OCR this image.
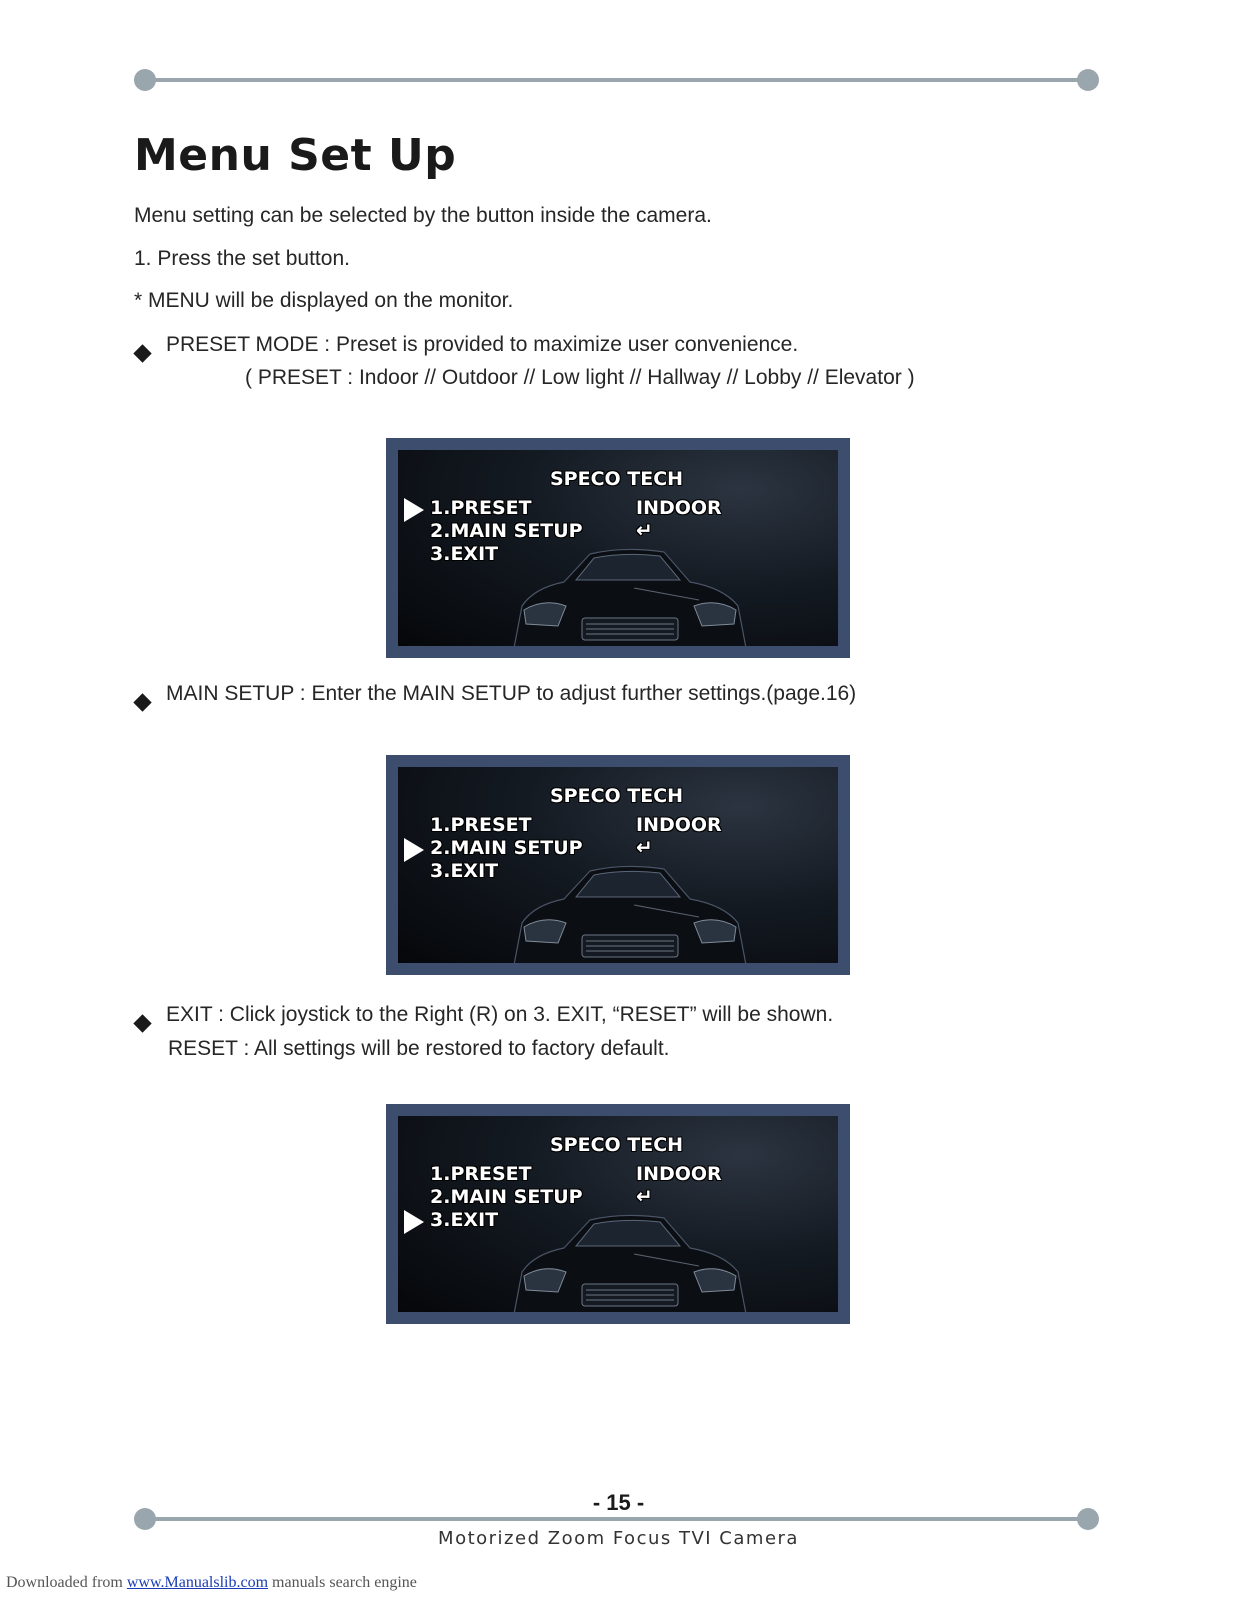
Menu Set Up
Menu setting can be selected by the button inside the camera.
1. Press the set button.
* MENU will be displayed on the monitor.
PRESET MODE : Preset is provided to maximize user convenience.
( PRESET : Indoor // Outdoor // Low light // Hallway // Lobby // Elevator )
SPECO TECH
1.PRESET
2.MAIN SETUP
3.EXIT
INDOOR
↵
MAIN SETUP : Enter the MAIN SETUP to adjust further settings.(page.16)
SPECO TECH
1.PRESET
2.MAIN SETUP
3.EXIT
INDOOR
↵
EXIT : Click joystick to the Right (R) on 3. EXIT, “RESET” will be shown.
RESET : All settings will be restored to factory default.
SPECO TECH
1.PRESET
2.MAIN SETUP
3.EXIT
INDOOR
↵
- 15 -
Motorized Zoom Focus TVI Camera
Downloaded from www.Manualslib.com manuals search engine
